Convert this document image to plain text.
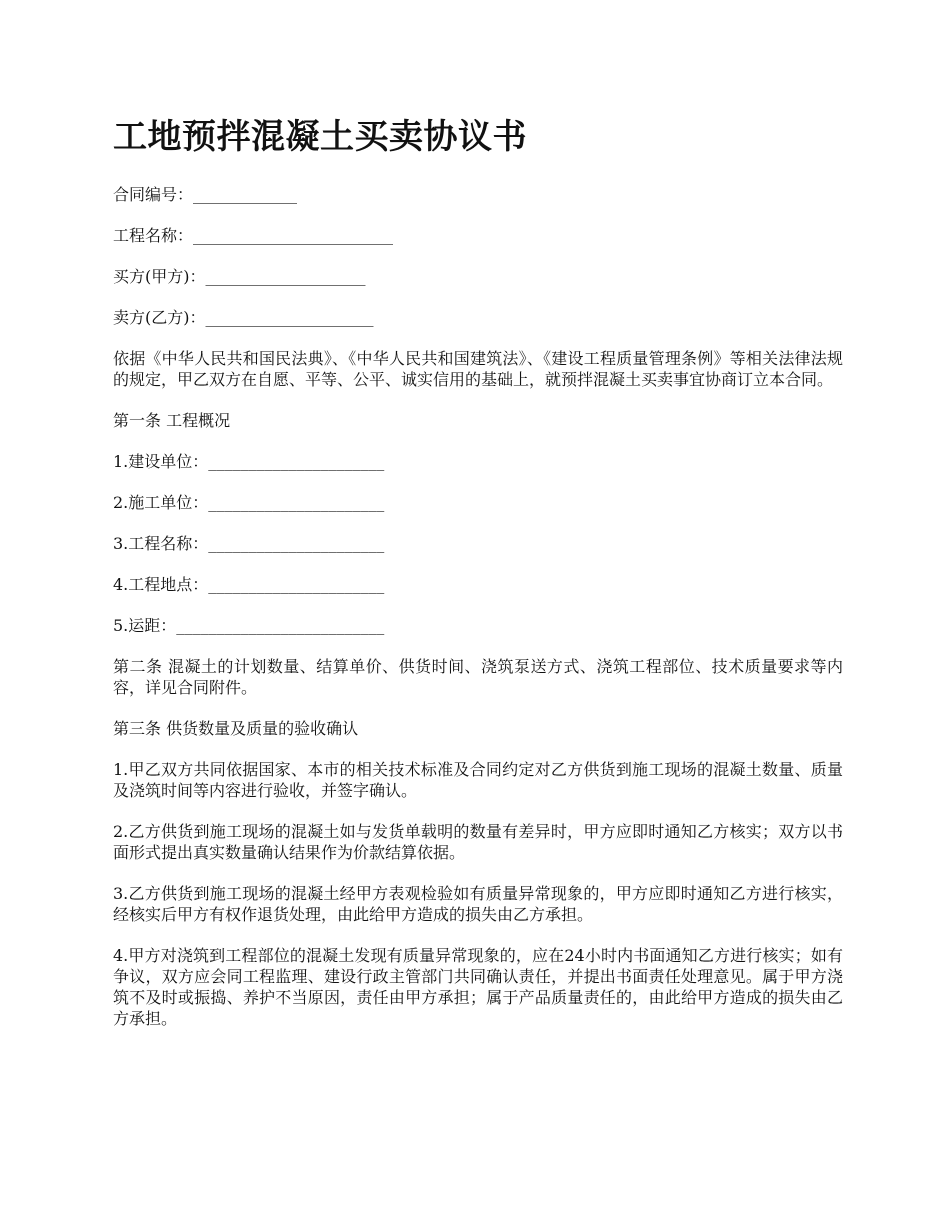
工地预拌混凝土买卖协议书
合同编号：_____________
工程名称：_________________________
买方(甲方)：____________________
卖方(乙方)：_____________________

依据《中华人民共和国民法典》、《中华人民共和国建筑法》、《建设工程质量管理条例》等相关法律法规的规定，甲乙双方在自愿、平等、公平、诚实信用的基础上，就预拌混凝土买卖事宜协商订立本合同。

第一条 工程概况

1.建设单位：______________________
2.施工单位：______________________
3.工程名称：______________________
4.工程地点：______________________
5.运距：__________________________

第二条 混凝土的计划数量、结算单价、供货时间、浇筑泵送方式、浇筑工程部位、技术质量要求等内容，详见合同附件。

第三条 供货数量及质量的验收确认

1.甲乙双方共同依据国家、本市的相关技术标准及合同约定对乙方供货到施工现场的混凝土数量、质量及浇筑时间等内容进行验收，并签字确认。

2.乙方供货到施工现场的混凝土如与发货单载明的数量有差异时，甲方应即时通知乙方核实；双方以书面形式提出真实数量确认结果作为价款结算依据。

3.乙方供货到施工现场的混凝土经甲方表观检验如有质量异常现象的，甲方应即时通知乙方进行核实，经核实后甲方有权作退货处理，由此给甲方造成的损失由乙方承担。

4.甲方对浇筑到工程部位的混凝土发现有质量异常现象的，应在24小时内书面通知乙方进行核实；如有争议，双方应会同工程监理、建设行政主管部门共同确认责任，并提出书面责任处理意见。属于甲方浇筑不及时或振捣、养护不当原因，责任由甲方承担；属于产品质量责任的，由此给甲方造成的损失由乙方承担。
